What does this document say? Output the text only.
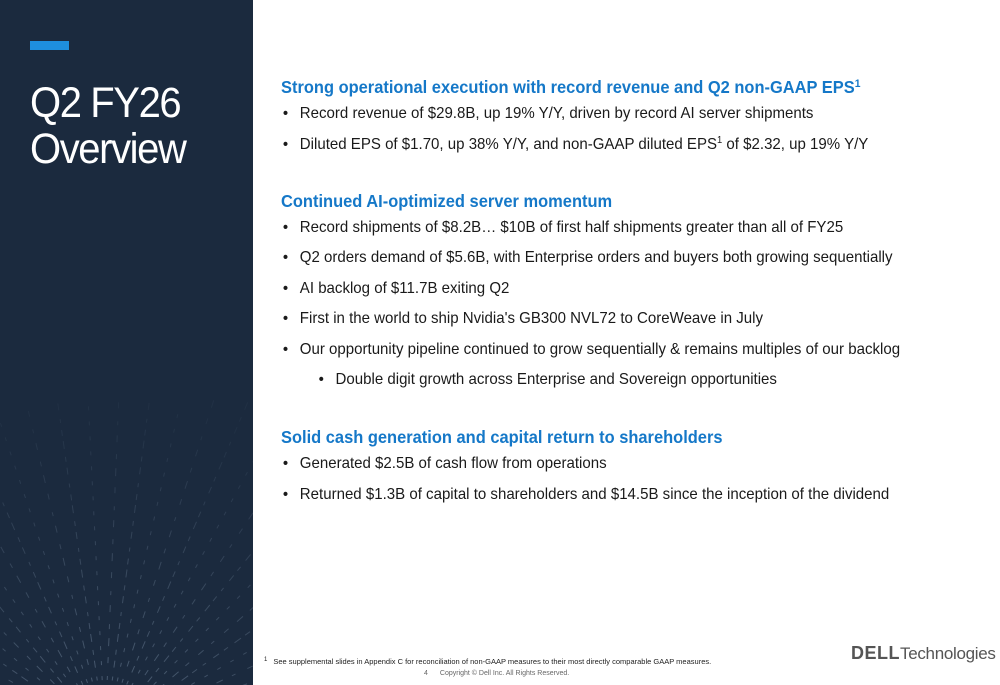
Q2 FY26
Overview
Strong operational execution with record revenue and Q2 non-GAAP EPS$^1$
• Record revenue of $29.8B, up 19% Y/Y, driven by record AI server shipments
• Diluted EPS of $1.70, up 38% Y/Y, and non-GAAP diluted EPS$^1$ of $2.32, up 19% Y/Y
Continued AI-optimized server momentum
• Record shipments of $8.2B… $10B of first half shipments greater than all of FY25
• Q2 orders demand of $5.6B, with Enterprise orders and buyers both growing sequentially
• AI backlog of $11.7B exiting Q2
• First in the world to ship Nvidia's GB300 NVL72 to CoreWeave in July
• Our opportunity pipeline continued to grow sequentially & remains multiples of our backlog
• Double digit growth across Enterprise and Sovereign opportunities
Solid cash generation and capital return to shareholders
• Generated $2.5B of cash flow from operations
• Returned $1.3B of capital to shareholders and $14.5B since the inception of the dividend
$^1$ See supplemental slides in Appendix C for reconciliation of non-GAAP measures to their most directly comparable GAAP measures.
4 Copyright © Dell Inc. All Rights Reserved.
DELLTechnologies
